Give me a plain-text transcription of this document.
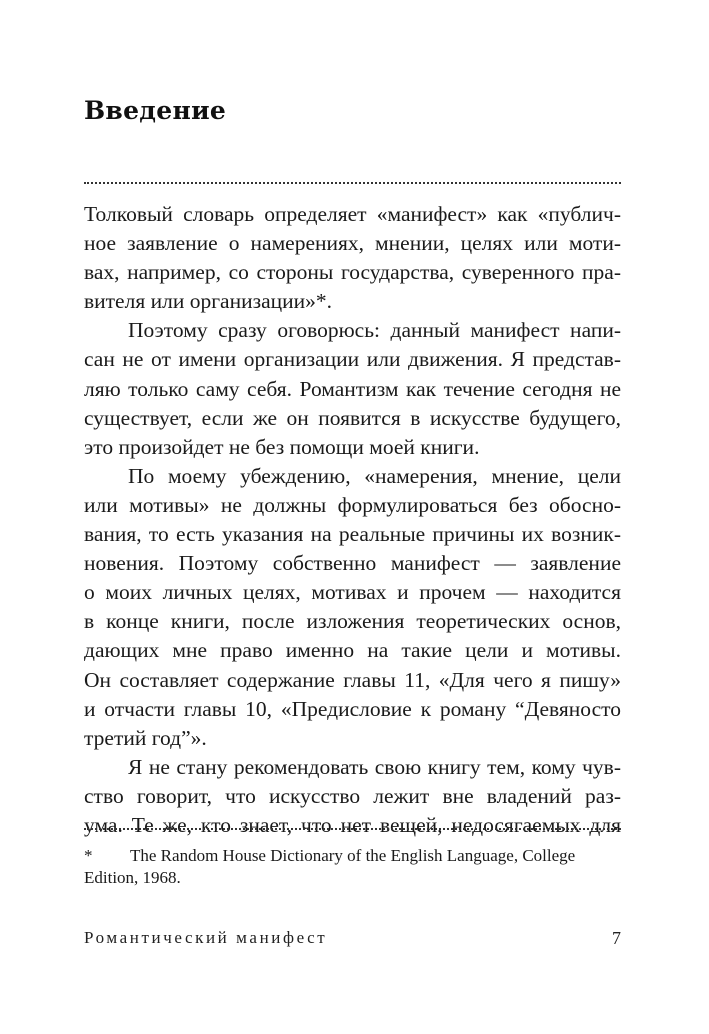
Введение
Толковый словарь определяет «манифест» как «публич-
ное заявление о намерениях, мнении, целях или моти-
вах, например, со стороны государства, суверенного пра-
вителя или организации»*.
Поэтому сразу оговорюсь: данный манифест напи-
сан не от имени организации или движения. Я представ-
ляю только саму себя. Романтизм как течение сегодня не
существует, если же он появится в искусстве будущего,
это произойдет не без помощи моей книги.
По моему убеждению, «намерения, мнение, цели
или мотивы» не должны формулироваться без обосно-
вания, то есть указания на реальные причины их возник-
новения. Поэтому собственно манифест — заявление
о моих личных целях, мотивах и прочем — находится
в конце книги, после изложения теоретических основ,
дающих мне право именно на такие цели и мотивы.
Он составляет содержание главы 11, «Для чего я пишу»
и отчасти главы 10, «Предисловие к роману “Девяносто
третий год”».
Я не стану рекомендовать свою книгу тем, кому чув-
ство говорит, что искусство лежит вне владений раз-
ума. Те же, кто знает, что нет вещей, недосягаемых для
* The Random House Dictionary of the English Language, College
Edition, 1968.
Романтический манифест	7
